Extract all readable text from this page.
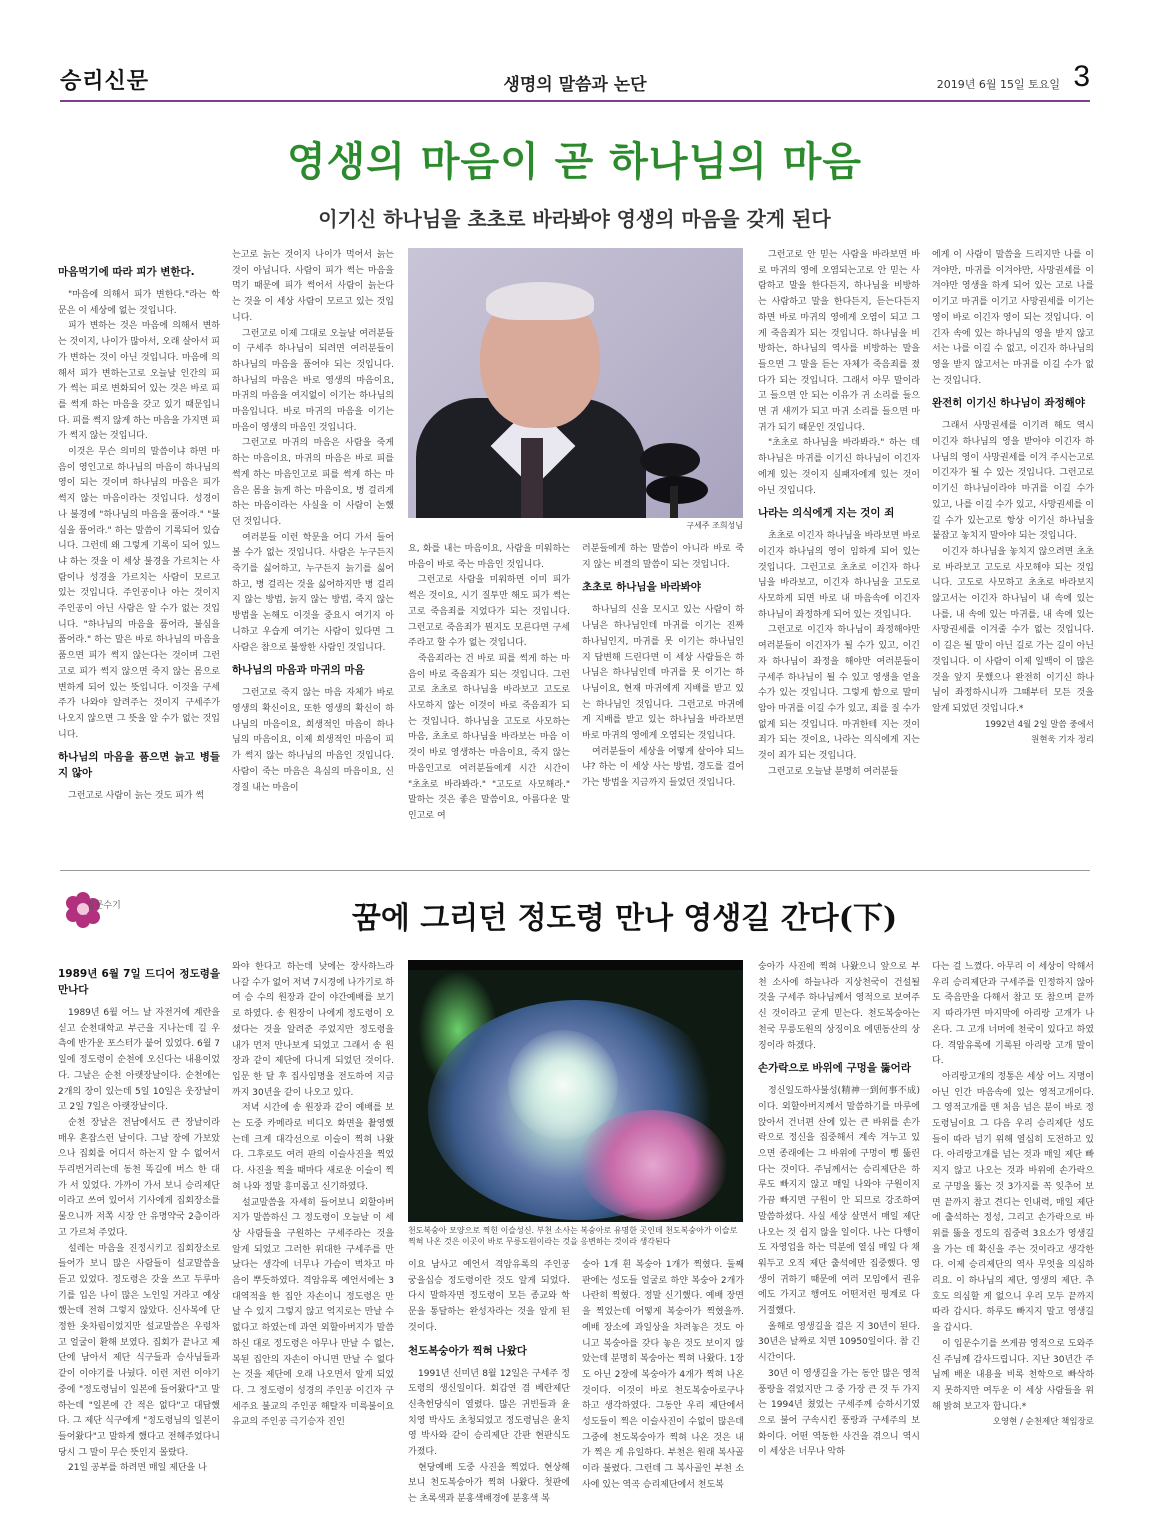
승리신문	생명의 말씀과 논단	2019년 6월 15일 토요일 3
영생의 마음이 곧 하나님의 마음
이기신 하나님을 초초로 바라봐야 영생의 마음을 갖게 된다
마음먹기에 따라 피가 변한다.

"마음에 의해서 피가 변한다."라는 학문은 이 세상에 없는 것입니다.

피가 변하는 것은 마음에 의해서 변하는 것이지, 나이가 많아서, 오래 살아서 피가 변하는 것이 아닌 것입니다. 마음에 의해서 피가 변하는고로 오늘날 인간의 피가 썩는 피로 변화되어 있는 것은 바로 피를 썩게 하는 마음을 갖고 있기 때문입니다. 피를 썩지 않게 하는 마음을 가지면 피가 썩지 않는 것입니다.

이것은 무슨 의미의 말씀이냐 하면 마음이 영인고로 하나님의 마음이 하나님의 영이 되는 것이며 하나님의 마음은 피가 썩지 않는 마음이라는 것입니다. 성경이나 불경에 "하나님의 마음을 품어라." "불심을 품어라." 하는 말씀이 기록되어 있습니다. 그런데 왜 그렇게 기록이 되어 있느냐 하는 것을 이 세상 불경을 가르치는 사람이나 성경을 가르치는 사람이 모르고 있는 것입니다. 주인공이나 아는 것이지 주인공이 아닌 사람은 알 수가 없는 것입니다. "하나님의 마음을 품어라, 불심을 품어라." 하는 말은 바로 하나님의 마음을 품으면 피가 썩지 않는다는 것이며 그런고로 피가 썩지 않으면 죽지 않는 몸으로 변하게 되어 있는 뜻입니다. 이것을 구세주가 나와야 알려주는 것이지 구세주가 나오지 않으면 그 뜻을 알 수가 없는 것입니다.

하나님의 마음을 품으면 늙고 병들지 않아

그런고로 사람이 늙는 것도 피가 썩

는고로 늙는 것이지 나이가 먹어서 늙는 것이 아닙니다. 사람이 피가 썩는 마음을 먹기 때문에 피가 썩어서 사람이 늙는다는 것을 이 세상 사람이 모르고 있는 것입니다.

그런고로 이제 그대로 오늘날 여러분들이 구세주 하나님이 되려면 여러분들이 하나님의 마음을 품어야 되는 것입니다. 하나님의 마음은 바로 영생의 마음이요, 마귀의 마음을 여지없이 이기는 하나님의 마음입니다. 바로 마귀의 마음을 이기는 마음이 영생의 마음인 것입니다.

그런고로 마귀의 마음은 사람을 죽게 하는 마음이요, 마귀의 마음은 바로 피를 썩게 하는 마음인고로 피를 썩게 하는 마음은 몸을 늙게 하는 마음이요, 병 걸리게 하는 마음이라는 사실을 이 사람이 논했던 것입니다.

여러분들 이런 학문을 어디 가서 들어볼 수가 없는 것입니다. 사람은 누구든지 죽기를 싫어하고, 누구든지 늙기를 싫어하고, 병 걸리는 것을 싫어하지만 병 걸리지 않는 방법, 늙지 않는 방법, 죽지 않는 방법을 논해도 이것을 중요시 여기지 아니하고 우습게 여기는 사람이 있다면 그 사람은 참으로 불쌍한 사람인 것입니다.

하나님의 마음과 마귀의 마음

그런고로 죽지 않는 마음 자체가 바로 영생의 확신이요, 또한 영생의 확신이 하나님의 마음이요, 희생적인 마음이 하나님의 마음이요, 이제 희생적인 마음이 피가 썩지 않는 하나님의 마음인 것입니다. 사람이 죽는 마음은 욕심의 마음이요, 신경질 내는 마음이

구세주 조희성님

요, 화를 내는 마음이요, 사람을 미워하는 마음이 바로 죽는 마음인 것입니다.

그런고로 사람을 미워하면 이미 피가 썩은 것이요, 시기 질투만 해도 피가 썩는고로 죽음죄를 지었다가 되는 것입니다. 그런고로 죽음죄가 뭔지도 모른다면 구세주라고 할 수가 없는 것입니다.

죽음죄라는 건 바로 피를 썩게 하는 마음이 바로 죽음죄가 되는 것입니다. 그런고로 초초로 하나님을 바라보고 고도로 사모하지 않는 이것이 바로 죽음죄가 되는 것입니다. 하나님을 고도로 사모하는 마음, 초초로 하나님을 바라보는 마음 이것이 바로 영생하는 마음이요, 죽지 않는 마음인고로 여러분들에게 시간 시간이 "초초로 바라봐라." "고도로 사모해라." 말하는 것은 좋은 말씀이요, 아름다운 말인고로 여

러분들에게 하는 말씀이 아니라 바로 죽지 않는 비결의 말씀이 되는 것입니다.

초초로 하나님을 바라봐야

하나님의 신을 모시고 있는 사람이 하나님은 하나님인데 마귀를 이기는 진짜 하나님인지, 마귀를 못 이기는 하나님인지 답변해 드린다면 이 세상 사람들은 하나님은 하나님인데 마귀를 못 이기는 하나님이요, 현재 마귀에게 지배를 받고 있는 하나님인 것입니다. 그런고로 마귀에게 지배를 받고 있는 하나님을 바라보면 바로 마귀의 영에게 오염되는 것입니다.

여러분들이 세상을 어떻게 살아야 되느냐? 하는 이 세상 사는 방법, 경도를 걸어가는 방법을 지금까지 들었던 것입니다.

그런고로 안 믿는 사람을 바라보면 바로 마귀의 영에 오염되는고로 안 믿는 사람하고 말을 한다든지, 하나님을 비방하는 사람하고 말을 한다든지, 듣는다든지 하면 바로 마귀의 영에게 오염이 되고 그게 죽음죄가 되는 것입니다. 하나님을 비방하는, 하나님의 역사를 비방하는 말을 들으면 그 말을 듣는 자체가 죽음죄를 졌다가 되는 것입니다. 그래서 아무 말이라고 들으면 안 되는 이유가 귀 소리를 들으면 귀 새끼가 되고 마귀 소리를 들으면 마귀가 되기 때문인 것입니다.

"초초로 하나님을 바라봐라." 하는 데 하나님은 마귀를 이기신 하나님이 이긴자에게 있는 것이지 실패자에게 있는 것이 아닌 것입니다.

나라는 의식에게 지는 것이 죄

초초로 이긴자 하나님을 바라보면 바로 이긴자 하나님의 영이 임하게 되어 있는 것입니다. 그런고로 초초로 이긴자 하나님을 바라보고, 이긴자 하나님을 고도로 사모하게 되면 바로 내 마음속에 이긴자 하나님이 좌정하게 되어 있는 것입니다.

그런고로 이긴자 하나님이 좌정해야만 여러분들이 이긴자가 될 수가 있고, 이긴자 하나님이 좌정을 해야만 여러분들이 구세주 하나님이 될 수 있고 영생을 얻을 수가 있는 것입니다. 그렇게 함으로 말미암아 마귀를 이길 수가 있고, 죄를 질 수가 없게 되는 것입니다. 마귀한테 지는 것이 죄가 되는 것이요, 나라는 의식에게 지는 것이 죄가 되는 것입니다.

그런고로 오늘날 분명히 여러분들

에게 이 사람이 말씀을 드리지만 나를 이겨야만, 마귀를 이겨야만, 사망권세를 이겨야만 영생을 하게 되어 있는 고로 나를 이기고 마귀를 이기고 사망권세를 이기는 영이 바로 이긴자 영이 되는 것입니다. 이긴자 속에 있는 하나님의 영을 받지 않고서는 나를 이길 수 없고, 이긴자 하나님의 영을 받지 않고서는 마귀를 이길 수가 없는 것입니다.

완전히 이기신 하나님이 좌정해야

그래서 사망권세를 이기려 해도 역시 이긴자 하나님의 영을 받아야 이긴자 하나님의 영이 사망권세를 이겨 주시는고로 이긴자가 될 수 있는 것입니다. 그런고로 이기신 하나님이라야 마귀를 이길 수가 있고, 나를 이길 수가 있고, 사망권세를 이길 수가 있는고로 항상 이기신 하나님을 붙잡고 놓치지 말아야 되는 것입니다.

이긴자 하나님을 놓치지 않으려면 초초로 바라보고 고도로 사모해야 되는 것입니다. 고도로 사모하고 초초로 바라보지 않고서는 이긴자 하나님이 내 속에 있는 나를, 내 속에 있는 마귀를, 내 속에 있는 사망권세를 이겨줄 수가 없는 것입니다. 이 길은 될 말이 아닌 길로 가는 길이 아닌 것입니다. 이 사람이 이제 일백이 이 많은 것을 앞지 못했으나 완전히 이기신 하나님이 좌정하시니까 그때부터 모든 것을 알게 되었던 것입니다.*

1992년 4월 2일 말씀 중에서

원현욱 기자 정리

입문수기	꿈에 그리던 정도령 만나 영생길 간다(下)
1989년 6월 7일 드디어 정도령을 만나다

1989년 6월 어느 날 자전거에 계란을 싣고 순천대학교 부근을 지나는데 길 우측에 반가운 포스터가 붙어 있었다. 6월 7일에 정도령이 순천에 오신다는 내용이었다. 그날은 순천 아랫장날이다. 순천에는 2개의 장이 있는데 5일 10일은 웃장날이고 2일 7일은 아랫장날이다.

순천 장날은 전남에서도 큰 장날이라 매우 혼잡스런 날이다. 그날 장에 가보았으나 집회를 어디서 하는지 알 수 없어서 두리번거리는데 동천 똑길에 버스 한 대가 서 있었다. 가까이 가서 보니 승리제단이라고 쓰여 있어서 기사에게 집회장소를 물으니까 저쪽 시장 안 유명약국 2층이라고 가르쳐 주었다.

설레는 마음을 진정시키고 집회장소로 들어가 보니 많은 사람들이 설교말씀을 듣고 있었다. 정도령은 갓을 쓰고 두루마기를 입은 나이 많은 노인일 거라고 예상했는데 전혀 그렇지 않았다. 신사복에 단정한 옷차림이었지만 설교말씀은 우렁차고 얼굴이 환해 보였다. 집회가 끝나고 제단에 남아서 제단 식구들과 승사님들과 같이 이야기를 나눴다. 이런 저런 이야기 중에 "정도령님이 일본에 들어왔다"고 말하는데 "일본에 간 적은 없다"고 대답했다. 그 제단 식구에게 "정도령님의 일본이 들어왔다"고 말하게 했다고 전해주었다니 당시 그 말이 무슨 뜻인지 몰랐다.

21일 공부를 하려면 매일 제단을 나

와야 한다고 하는데 낮에는 장사하느라 나갈 수가 없어 저녁 7시경에 나가기로 하여 승 수의 원장과 같이 야간예배를 보기로 하였다. 송 원장이 나에게 정도령이 오셨다는 것을 알려준 주었지만 정도령을 내가 먼저 만나보게 되었고 그래서 송 원장과 같이 제단에 다니게 되었던 것이다. 입문 한 달 후 집사임명을 전도하여 지금까지 30년을 같이 나오고 있다.

저녁 시간에 송 원장과 같이 예배를 보는 도중 카메라로 비디오 화면을 촬영했는데 크게 대각선으로 이슬이 찍혀 나왔다. 그후로도 여러 판의 이슬사진을 찍었다. 사진을 찍을 때마다 새로운 이슬이 찍혀 나와 정말 흥미롭고 신기하였다.

설교말씀을 자세히 들어보니 외할아버지가 말씀하신 그 정도령이 오늘날 이 세상 사람들을 구원하는 구세주라는 것을 알게 되었고 그러한 위대한 구세주를 만났다는 생각에 너무나 가슴이 벅차고 마음이 뿌듯하였다. 격암유록 예언서에는 3대역적을 한 집안 자손이니 정도령은 만날 수 있지 그렇지 않고 억지로는 만날 수 없다고 하였는데 과연 외할아버지가 말씀하신 대로 정도령은 아무나 만날 수 없는, 복된 집안의 자손이 아니면 만날 수 없다는 것을 제단에 오래 나오면서 알게 되었다. 그 정도령이 성경의 주인공 이긴자 구세주요 불교의 주인공 해탈자 미륵불이요 유교의 주인공 극기승자 진인

천도복숭아 모양으로 찍힌 이슬성신. 부천 소사는 복숭아로 유명한 곳인데 천도복숭아가 이슬로 찍혀 나온 것은 이곳이 바로 무릉도원이라는 것을 응변하는 것이라 생각된다

이요 남사고 예언서 격암유록의 주인공 궁을십승 정도령이란 것도 알게 되었다. 다시 말하자면 정도령이 모든 종교와 학문을 통달하는 완성자라는 것을 알게 된 것이다.

천도복숭아가 찍혀 나왔다

1991년 신미년 8월 12일은 구세주 정도령의 생신일이다. 회갑연 겸 베란제단 신축헌당식이 열렸다. 많은 귀빈들과 윤치영 박사도 초청되었고 정도령님은 윤치영 박사와 같이 승리제단 간판 현판식도 가졌다.

현당예배 도중 사진을 찍었다. 현상해 보니 천도복숭아가 찍혀 나왔다. 첫판에는 초록색과 분홍색배경에 분홍색 복

숭아 1개 흰 복숭아 1개가 찍혔다. 둘째 판에는 성도들 얼굴로 하얀 복숭아 2개가 나란히 찍혔다. 정말 신기했다. 예배 장면을 찍었는데 어떻게 복숭아가 찍혔을까. 예배 장소에 과일상을 차려놓은 것도 아니고 복숭아를 갖다 놓은 것도 보이지 않았는데 분명히 복숭아는 찍혀 나왔다. 1장도 아닌 2장에 복숭아가 4개가 찍혀 나온 것이다. 이것이 바로 천도복숭아로구나 하고 생각하였다. 그동안 우리 제단에서 성도들이 찍은 이슬사진이 수없이 많은데 그중에 천도복숭아가 찍혀 나온 것은 내가 찍은 게 유일하다. 부천은 원래 복사골이라 불렸다. 그런데 그 복사골인 부천 소사에 있는 역곡 승리제단에서 천도복

숭아가 사진에 찍혀 나왔으니 앞으로 부천 소사에 하늘나라 지상천국이 건설될 것을 구세주 하나님께서 영적으로 보여주신 것이라고 굳게 믿는다. 천도복숭아는 천국 무릉도원의 상징이요 에덴동산의 상징이라 하겠다.

손가락으로 바위에 구멍을 뚫어라

정신일도하사불성(精神一到何事不成)이다. 외할아버지께서 말씀하기를 마루에 앉아서 건너편 산에 있는 큰 바위를 손가락으로 정신을 집중해서 계속 겨누고 있으면 종래에는 그 바위에 구멍이 뻥 뚫린다는 것이다. 주님께서는 승리제단은 하루도 빠지지 않고 매일 나와야 구원이지 가끔 빠지면 구원이 안 되므로 강조하여 말씀하셨다. 사실 세상 살면서 매일 제단 나오는 것 쉽지 않을 일이다. 나는 다행이도 자영업을 하는 덕분에 열심 매일 다 채워두고 오직 제단 출석에만 집중했다. 영생이 귀하기 때문에 여러 모임에서 권유에도 가지고 행여도 어떤저런 핑계로 다 거절했다.

올해로 영생길을 걸은 지 30년이 된다. 30년은 날짜로 치면 10950일이다. 참 긴 시간이다.

30년 이 영생길을 가는 동안 많은 영적 풍랑을 겪었지만 그 중 가장 큰 것 두 가지는 1994년 쳤었는 구세주께 승하시기였으로 불어 구속시킨 풍랑과 구세주의 보화이다. 어떤 역동한 사건을 겪으니 역시 이 세상은 너무나 악하

다는 걸 느꼈다. 아무리 이 세상이 악해서 우리 승리제단과 구세주를 인정하지 않아도 죽음만을 다해서 참고 또 참으며 끝까지 따라가면 마지막에 아리랑 고개가 나온다. 그 고개 너머에 천국이 있다고 하였다. 격암유록에 기록된 아리랑 고개 말이다.

아리랑고개의 정통은 세상 어느 지명이 아닌 인간 마음속에 있는 영적고개이다. 그 영적고개를 맨 처음 넘은 분이 바로 정도령님이요 그 다음 우리 승리제단 성도들이 따라 넘기 위해 열심히 도전하고 있다. 아리랑고개를 넘는 것과 매일 제단 빠지지 않고 나오는 것과 바위에 손가락으로 구멍을 뚫는 것 3가지를 꼭 잊추어 보면 끝까지 참고 견디는 인내력, 매일 제단에 출석하는 정성, 그리고 손가락으로 바위를 뚫을 정도의 집중력 3요소가 영생길을 가는 데 확신을 주는 것이라고 생각한다. 이제 승리제단의 역사 무엇을 의심하리요. 이 하나님의 제단, 영생의 제단. 추호도 의심할 게 없으니 우리 모두 끝까지 따라 갑시다. 하루도 빠지지 말고 영생길을 갑시다.

이 입문수기를 쓰게끔 영적으로 도와주신 주님께 감사드립니다. 지난 30년간 주님께 배운 내용을 비록 천학으로 빠삭하지 못하지만 여두운 이 세상 사람들을 위해 밝혀 보고자 합니다.*

오영현 / 순천제단 책임장로
